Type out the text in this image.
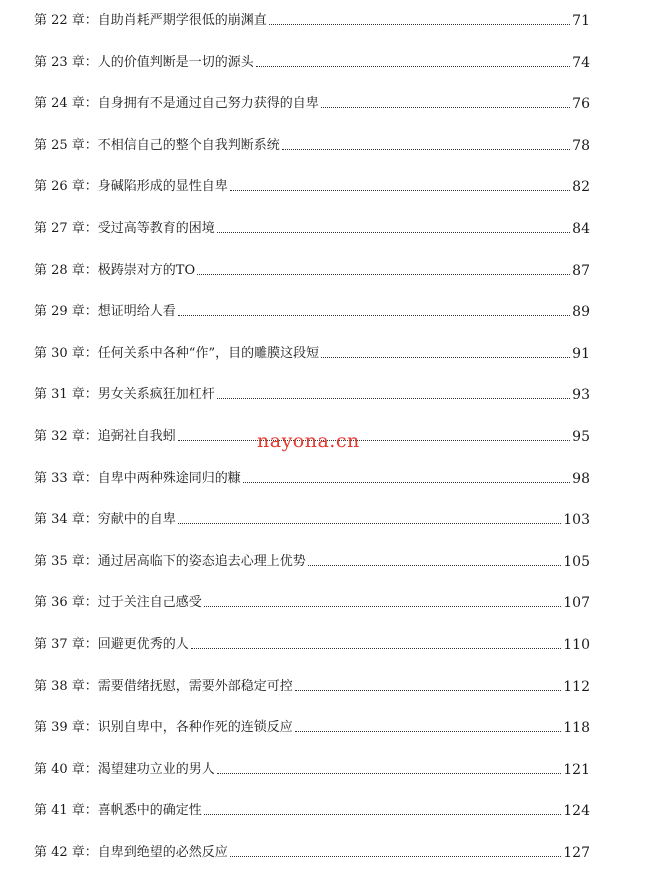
第 22 章：自助肖耗严期学很低的崩渊直	71
第 23 章：人的价值判断是一切的源头	74
第 24 章：自身拥有不是通过自己努力获得的自卑	76
第 25 章：不相信自己的整个自我判断系统	78
第 26 章：身碱陷形成的显性自卑	82
第 27 章：受过高等教育的困境	84
第 28 章：极踌崇对方的TO	87
第 29 章：想证明给人看	89
第 30 章：任何关系中各种“作”，目的雕膜这段短	91
第 31 章：男女关系疯狂加杠杆	93
第 32 章：追弼社自我蚓	95
第 33 章：自卑中两种殊途同归的糠	98
第 34 章：穷献中的自卑	103
第 35 章：通过居高临下的姿态追去心理上优势	105
第 36 章：过于关注自己感受	107
第 37 章：回避更优秀的人	110
第 38 章：需要借绪抚慰，需要外部稳定可控	112
第 39 章：识别自卑中，各种作死的连锁反应	118
第 40 章：渴望建功立业的男人	121
第 41 章：喜帆悉中的确定性	124
第 42 章：自卑到绝望的必然反应	127
nayona.cn
